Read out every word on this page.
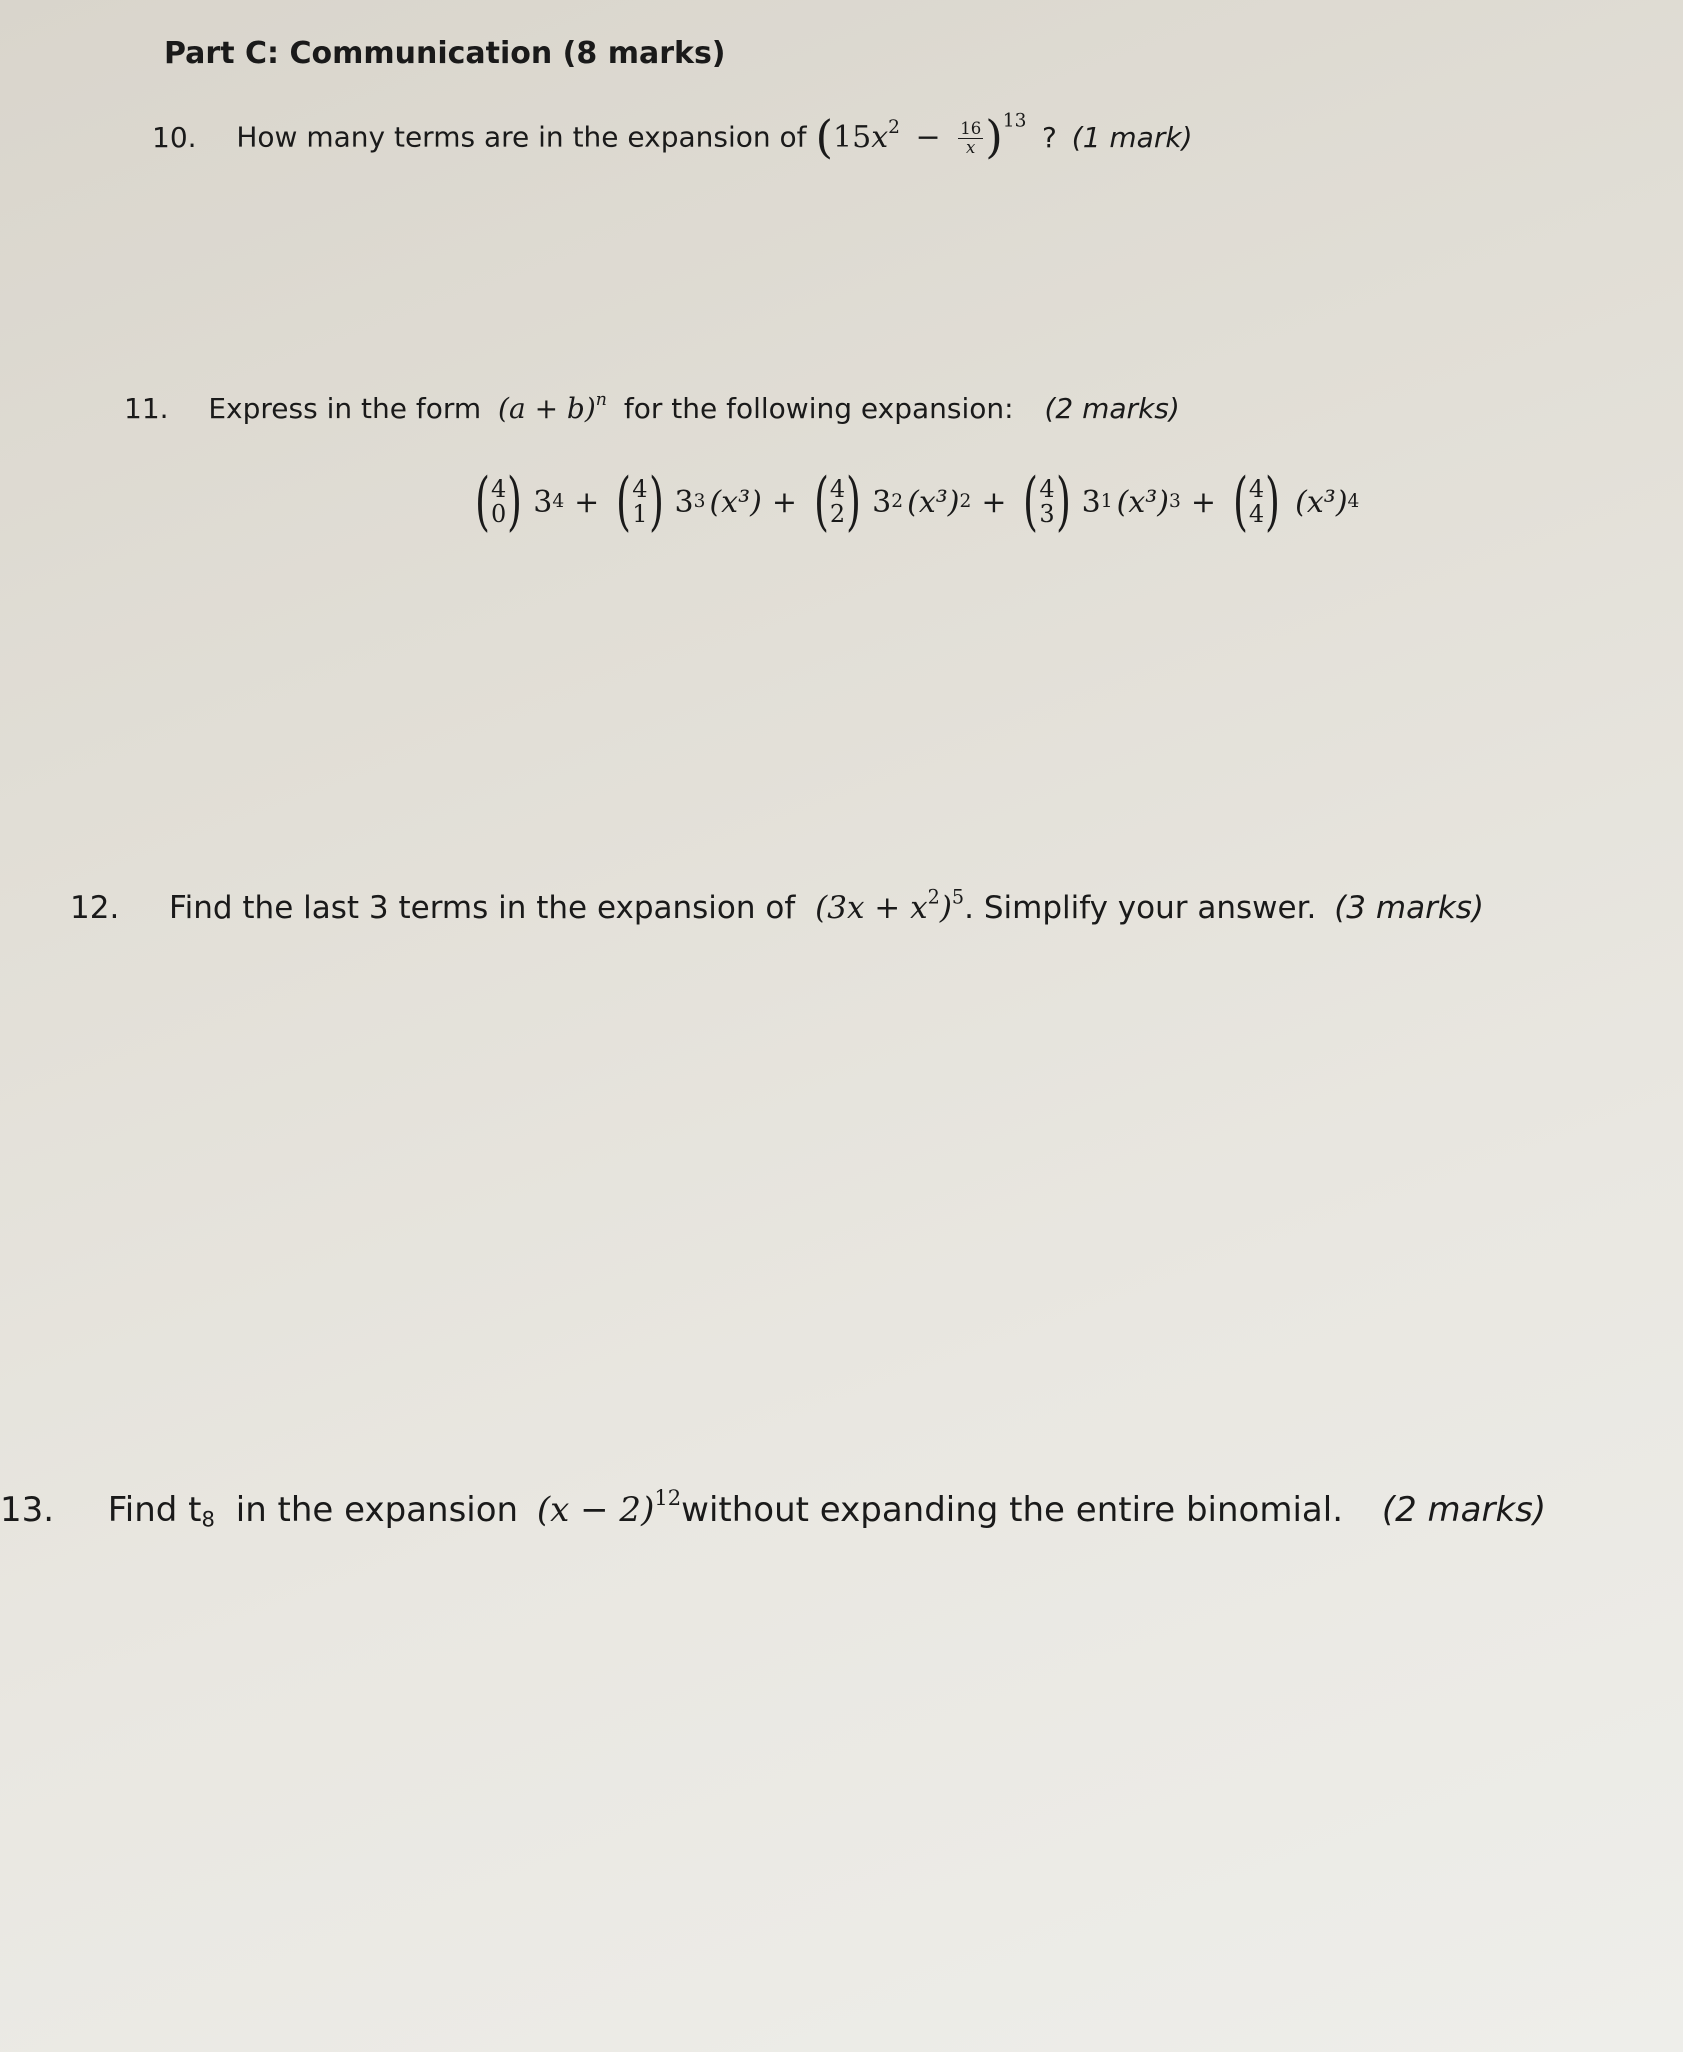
Part C: Communication (8 marks)
10. How many terms are in the expansion of $(15x^2 - \frac{16}{x} )^{13}$ ? (1 mark)
11. Express in the form $(a + b)^n$ for the following expansion: (2 marks)
( 4
0 ) 3 4 + ( 4
1 ) 3 3 (x³) + ( 4
2 ) 3 2 (x³) 2 + ( 4
3 ) 3 1 (x³) 3 + ( 4
4 ) (x³) 4
12. Find the last 3 terms in the expansion of $(3x + x^2)^5$. Simplify your answer. (3 marks)
13. Find $t_8$ in the expansion $(x - 2)^{12}without$ expanding the entire binomial. (2 marks)
